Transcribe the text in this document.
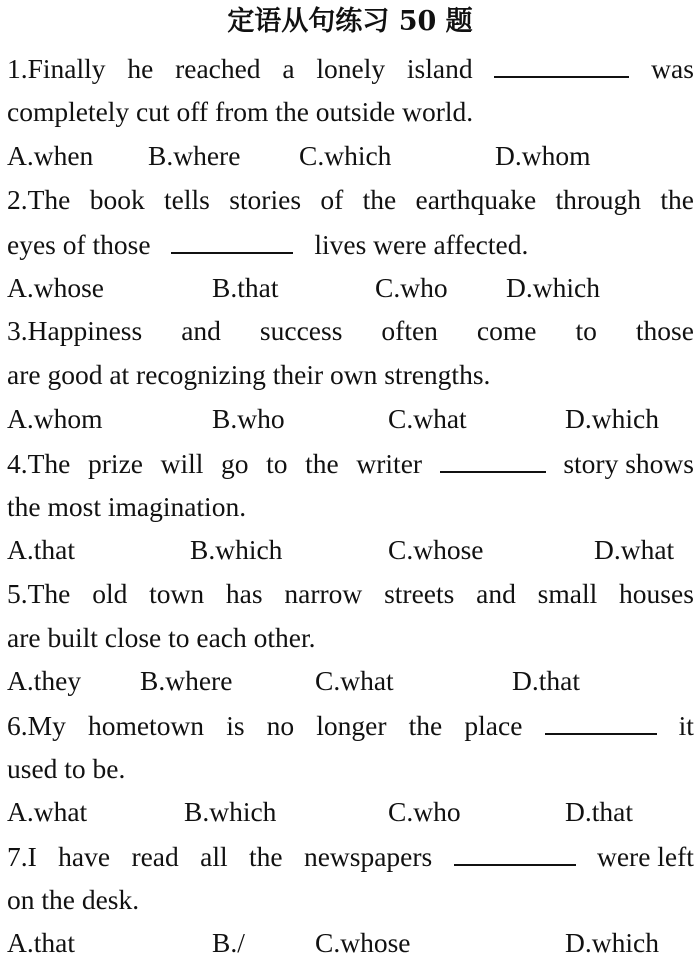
定语从句练习 50 题
1.Finally he reached a lonely island	was
completely cut off from the outside world.
A.when B.where C.which	D.whom
2.The book tells stories of the earthquake through the
eyes of those	lives were affected.
A.whose	B.that	C.who D.which
3.Happiness and success often come to those
are good at recognizing their own strengths.
A.whom	B.who	C.what	D.which
4.The prize will go to the writer	story shows
the most imagination.
A.that	B.which	C.whose	D.what
5.The old town has narrow streets and small houses
are built close to each other.
A.they B.where	C.what	D.that
6.My hometown is no longer the place	it
used to be.
A.what	B.which	C.who	D.that
7.I have read all the newspapers	were left
on the desk.
A.that	B./	C.whose	D.which
